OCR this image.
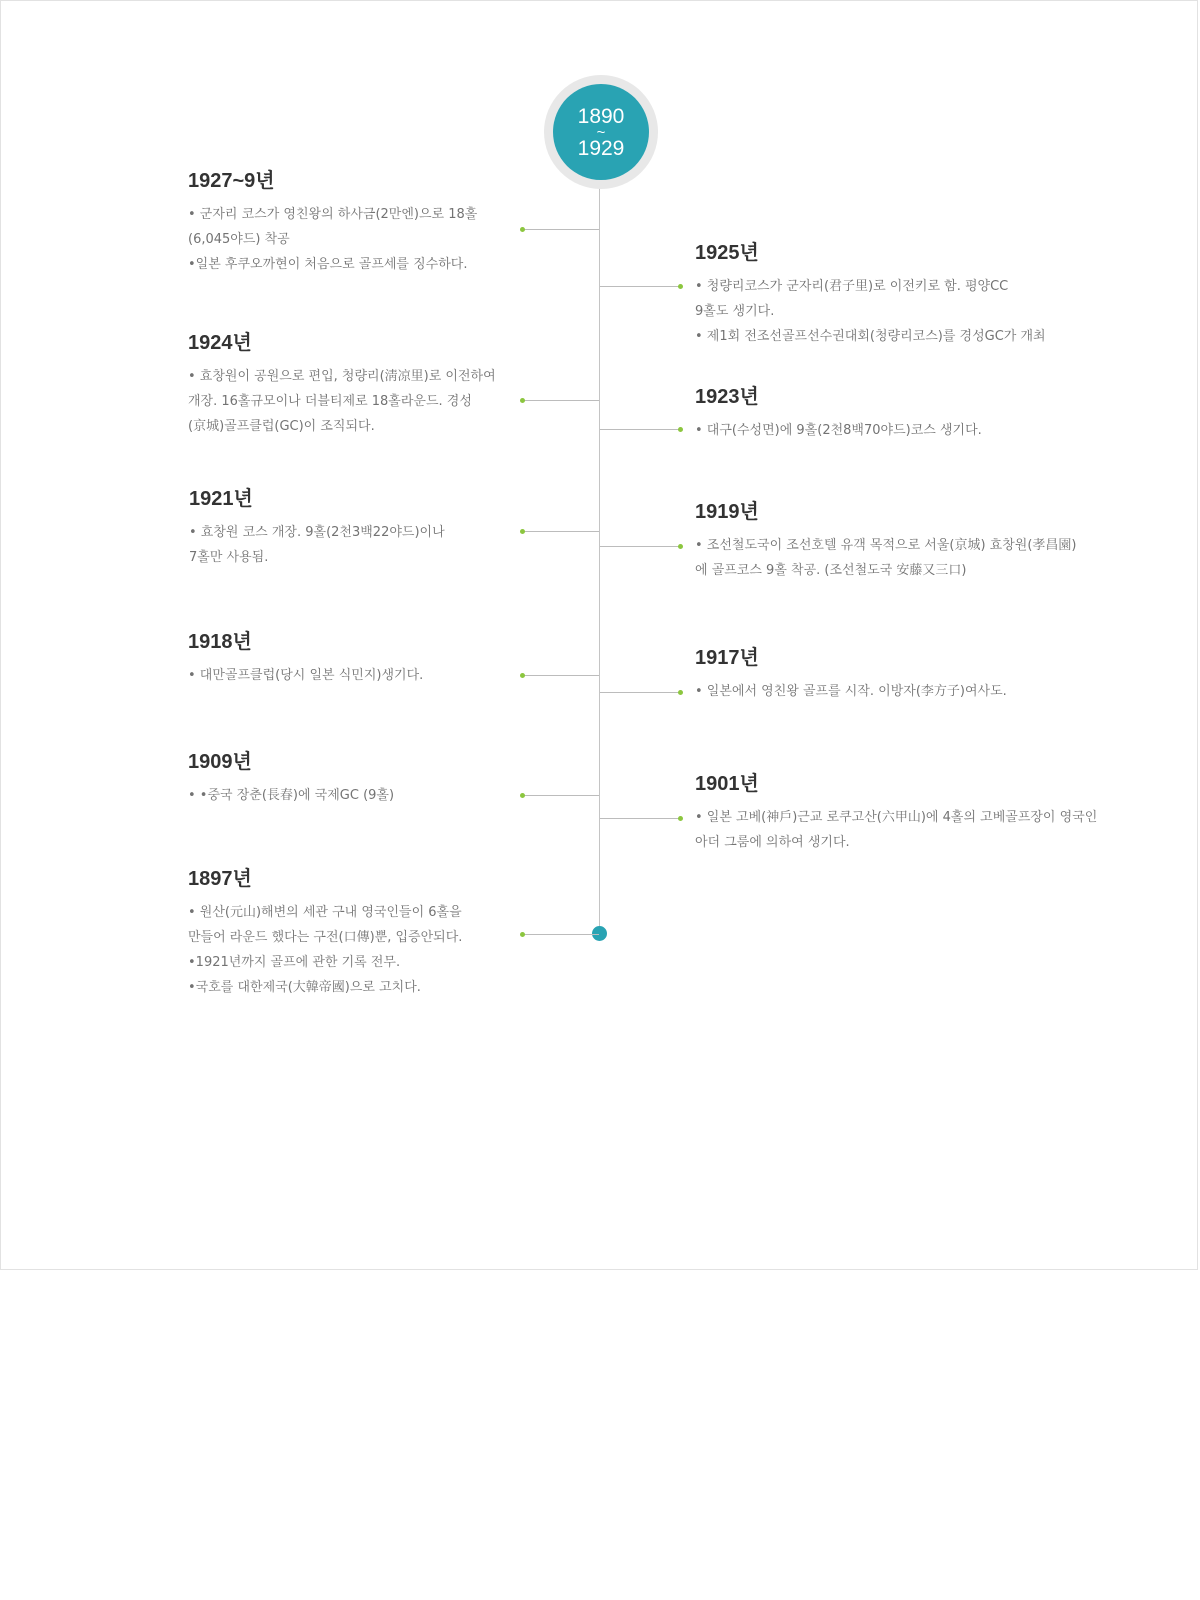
1890
~
1929
1927~9년
• 군자리 코스가 영친왕의 하사금(2만엔)으로 18홀
(6,045야드) 착공
•일본 후쿠오까현이 처음으로 골프세를 징수하다.
1924년
• 효창원이 공원으로 편입, 청량리(淸凉里)로 이전하여
개장. 16홀규모이나 더블티제로 18홀라운드. 경성
(京城)골프클럽(GC)이 조직되다.
1921년
• 효창원 코스 개장. 9홀(2천3백22야드)이나
7홀만 사용됨.
1918년
• 대만골프클럽(당시 일본 식민지)생기다.
1909년
• •중국 장춘(長春)에 국제GC (9홀)
1897년
• 원산(元山)해변의 세관 구내 영국인들이 6홀을
만들어 라운드 했다는 구전(口傳)뿐, 입증안되다.
•1921년까지 골프에 관한 기록 전무.
•국호를 대한제국(大韓帝國)으로 고치다.
1925년
• 청량리코스가 군자리(君子里)로 이전키로 함. 평양CC
9홀도 생기다.
• 제1회 전조선골프선수권대회(청량리코스)를 경성GC가 개최
1923년
• 대구(수성면)에 9홀(2천8백70야드)코스 생기다.
1919년
• 조선철도국이 조선호텔 유객 목적으로 서울(京城) 효창원(孝昌園)
에 골프코스 9홀 착공. (조선철도국 安藤又三口)
1917년
• 일본에서 영친왕 골프를 시작. 이방자(李方子)여사도.
1901년
• 일본 고베(神戶)근교 로쿠고산(六甲山)에 4홀의 고베골프장이 영국인
아더 그룸에 의하여 생기다.
